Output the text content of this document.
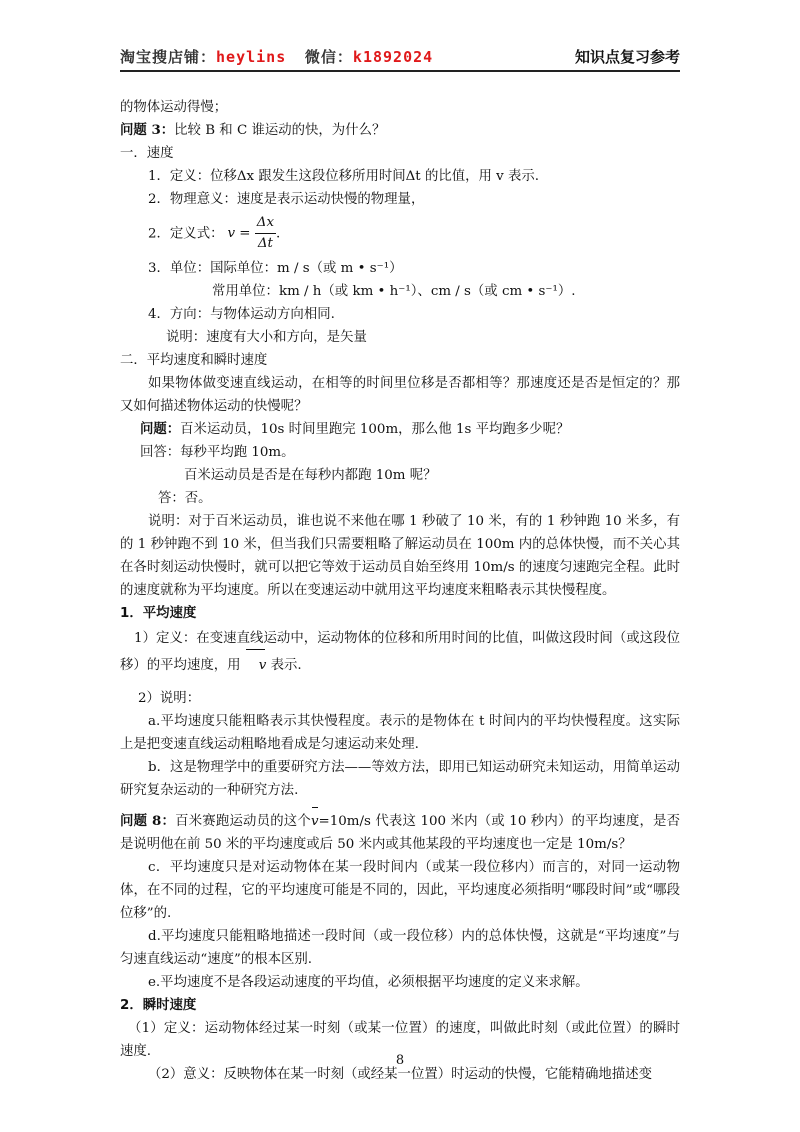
淘宝搜店铺：heylins 微信：k1892024	知识点复习参考
的物体运动得慢；
问题 3：比较 B 和 C 谁运动的快，为什么？
一．速度
1．定义：位移Δx 跟发生这段位移所用时间Δt 的比值，用 v 表示.
2．物理意义：速度是表示运动快慢的物理量，
2．定义式： $v = \frac{\Delta x}{\Delta t}$ .
3．单位：国际单位：m / s（或 m • s⁻¹）
常用单位：km / h（或 km • h⁻¹）、cm / s（或 cm • s⁻¹）.
4．方向：与物体运动方向相同.
说明：速度有大小和方向，是矢量
二．平均速度和瞬时速度
如果物体做变速直线运动，在相等的时间里位移是否都相等？那速度还是否是恒定的？那又如何描述物体运动的快慢呢？
问题：百米运动员，10s 时间里跑完 100m，那么他 1s 平均跑多少呢？
回答：每秒平均跑 10m。
百米运动员是否是在每秒内都跑 10m 呢？
答：否。
说明：对于百米运动员，谁也说不来他在哪 1 秒破了 10 米，有的 1 秒钟跑 10 米多，有的 1 秒钟跑不到 10 米，但当我们只需要粗略了解运动员在 100m 内的总体快慢，而不关心其在各时刻运动快慢时，就可以把它等效于运动员自始至终用 10m/s 的速度匀速跑完全程。此时的速度就称为平均速度。所以在变速运动中就用这平均速度来粗略表示其快慢程度。
1．平均速度
1）定义：在变速直线运动中，运动物体的位移和所用时间的比值，叫做这段时间（或这段位移）的平均速度，用 v 表示.
2）说明：
a.平均速度只能粗略表示其快慢程度。表示的是物体在 t 时间内的平均快慢程度。这实际上是把变速直线运动粗略地看成是匀速运动来处理.
b．这是物理学中的重要研究方法——等效方法，即用已知运动研究未知运动，用简单运动研究复杂运动的一种研究方法.
问题 8：百米赛跑运动员的这个v=10m/s 代表这 100 米内（或 10 秒内）的平均速度，是否是说明他在前 50 米的平均速度或后 50 米内或其他某段的平均速度也一定是 10m/s？
c．平均速度只是对运动物体在某一段时间内（或某一段位移内）而言的，对同一运动物体，在不同的过程，它的平均速度可能是不同的，因此，平均速度必须指明“哪段时间”或“哪段位移”的.
d.平均速度只能粗略地描述一段时间（或一段位移）内的总体快慢，这就是“平均速度”与匀速直线运动“速度”的根本区别.
e.平均速度不是各段运动速度的平均值，必须根据平均速度的定义来求解。
2．瞬时速度
（1）定义：运动物体经过某一时刻（或某一位置）的速度，叫做此时刻（或此位置）的瞬时速度.
（2）意义：反映物体在某一时刻（或经某一位置）时运动的快慢，它能精确地描述变
8
